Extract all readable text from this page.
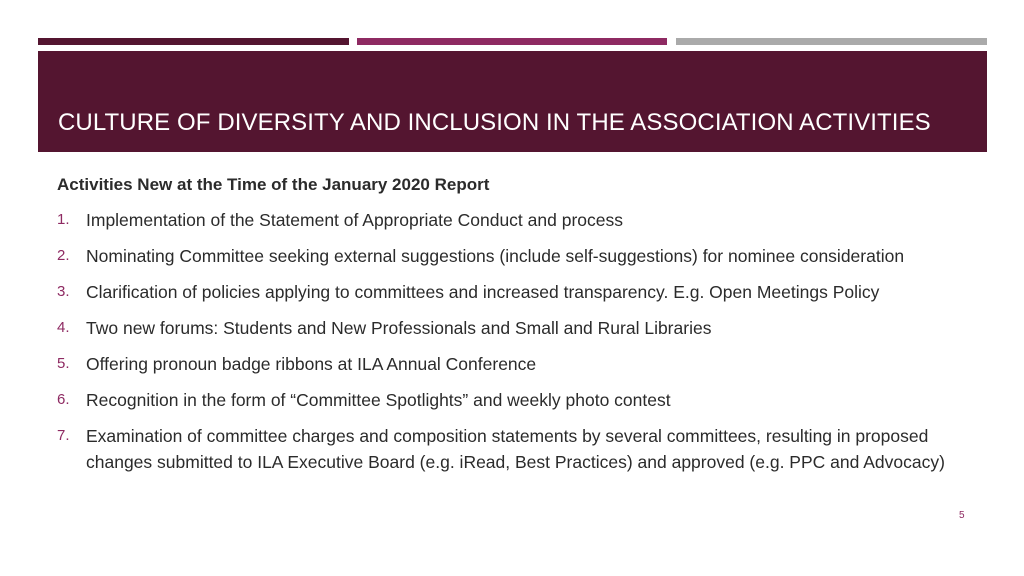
CULTURE OF DIVERSITY AND INCLUSION IN THE ASSOCIATION ACTIVITIES
Activities New at the Time of the January 2020 Report
1. Implementation of the Statement of Appropriate Conduct and process
2. Nominating Committee seeking external suggestions (include self-suggestions) for nominee consideration
3. Clarification of policies applying to committees and increased transparency. E.g. Open Meetings Policy
4. Two new forums: Students and New Professionals and Small and Rural Libraries
5. Offering pronoun badge ribbons at ILA Annual Conference
6. Recognition in the form of “Committee Spotlights” and weekly photo contest
7. Examination of committee charges and composition statements by several committees, resulting in proposed changes submitted to ILA Executive Board (e.g. iRead, Best Practices) and approved (e.g. PPC and Advocacy)
5
